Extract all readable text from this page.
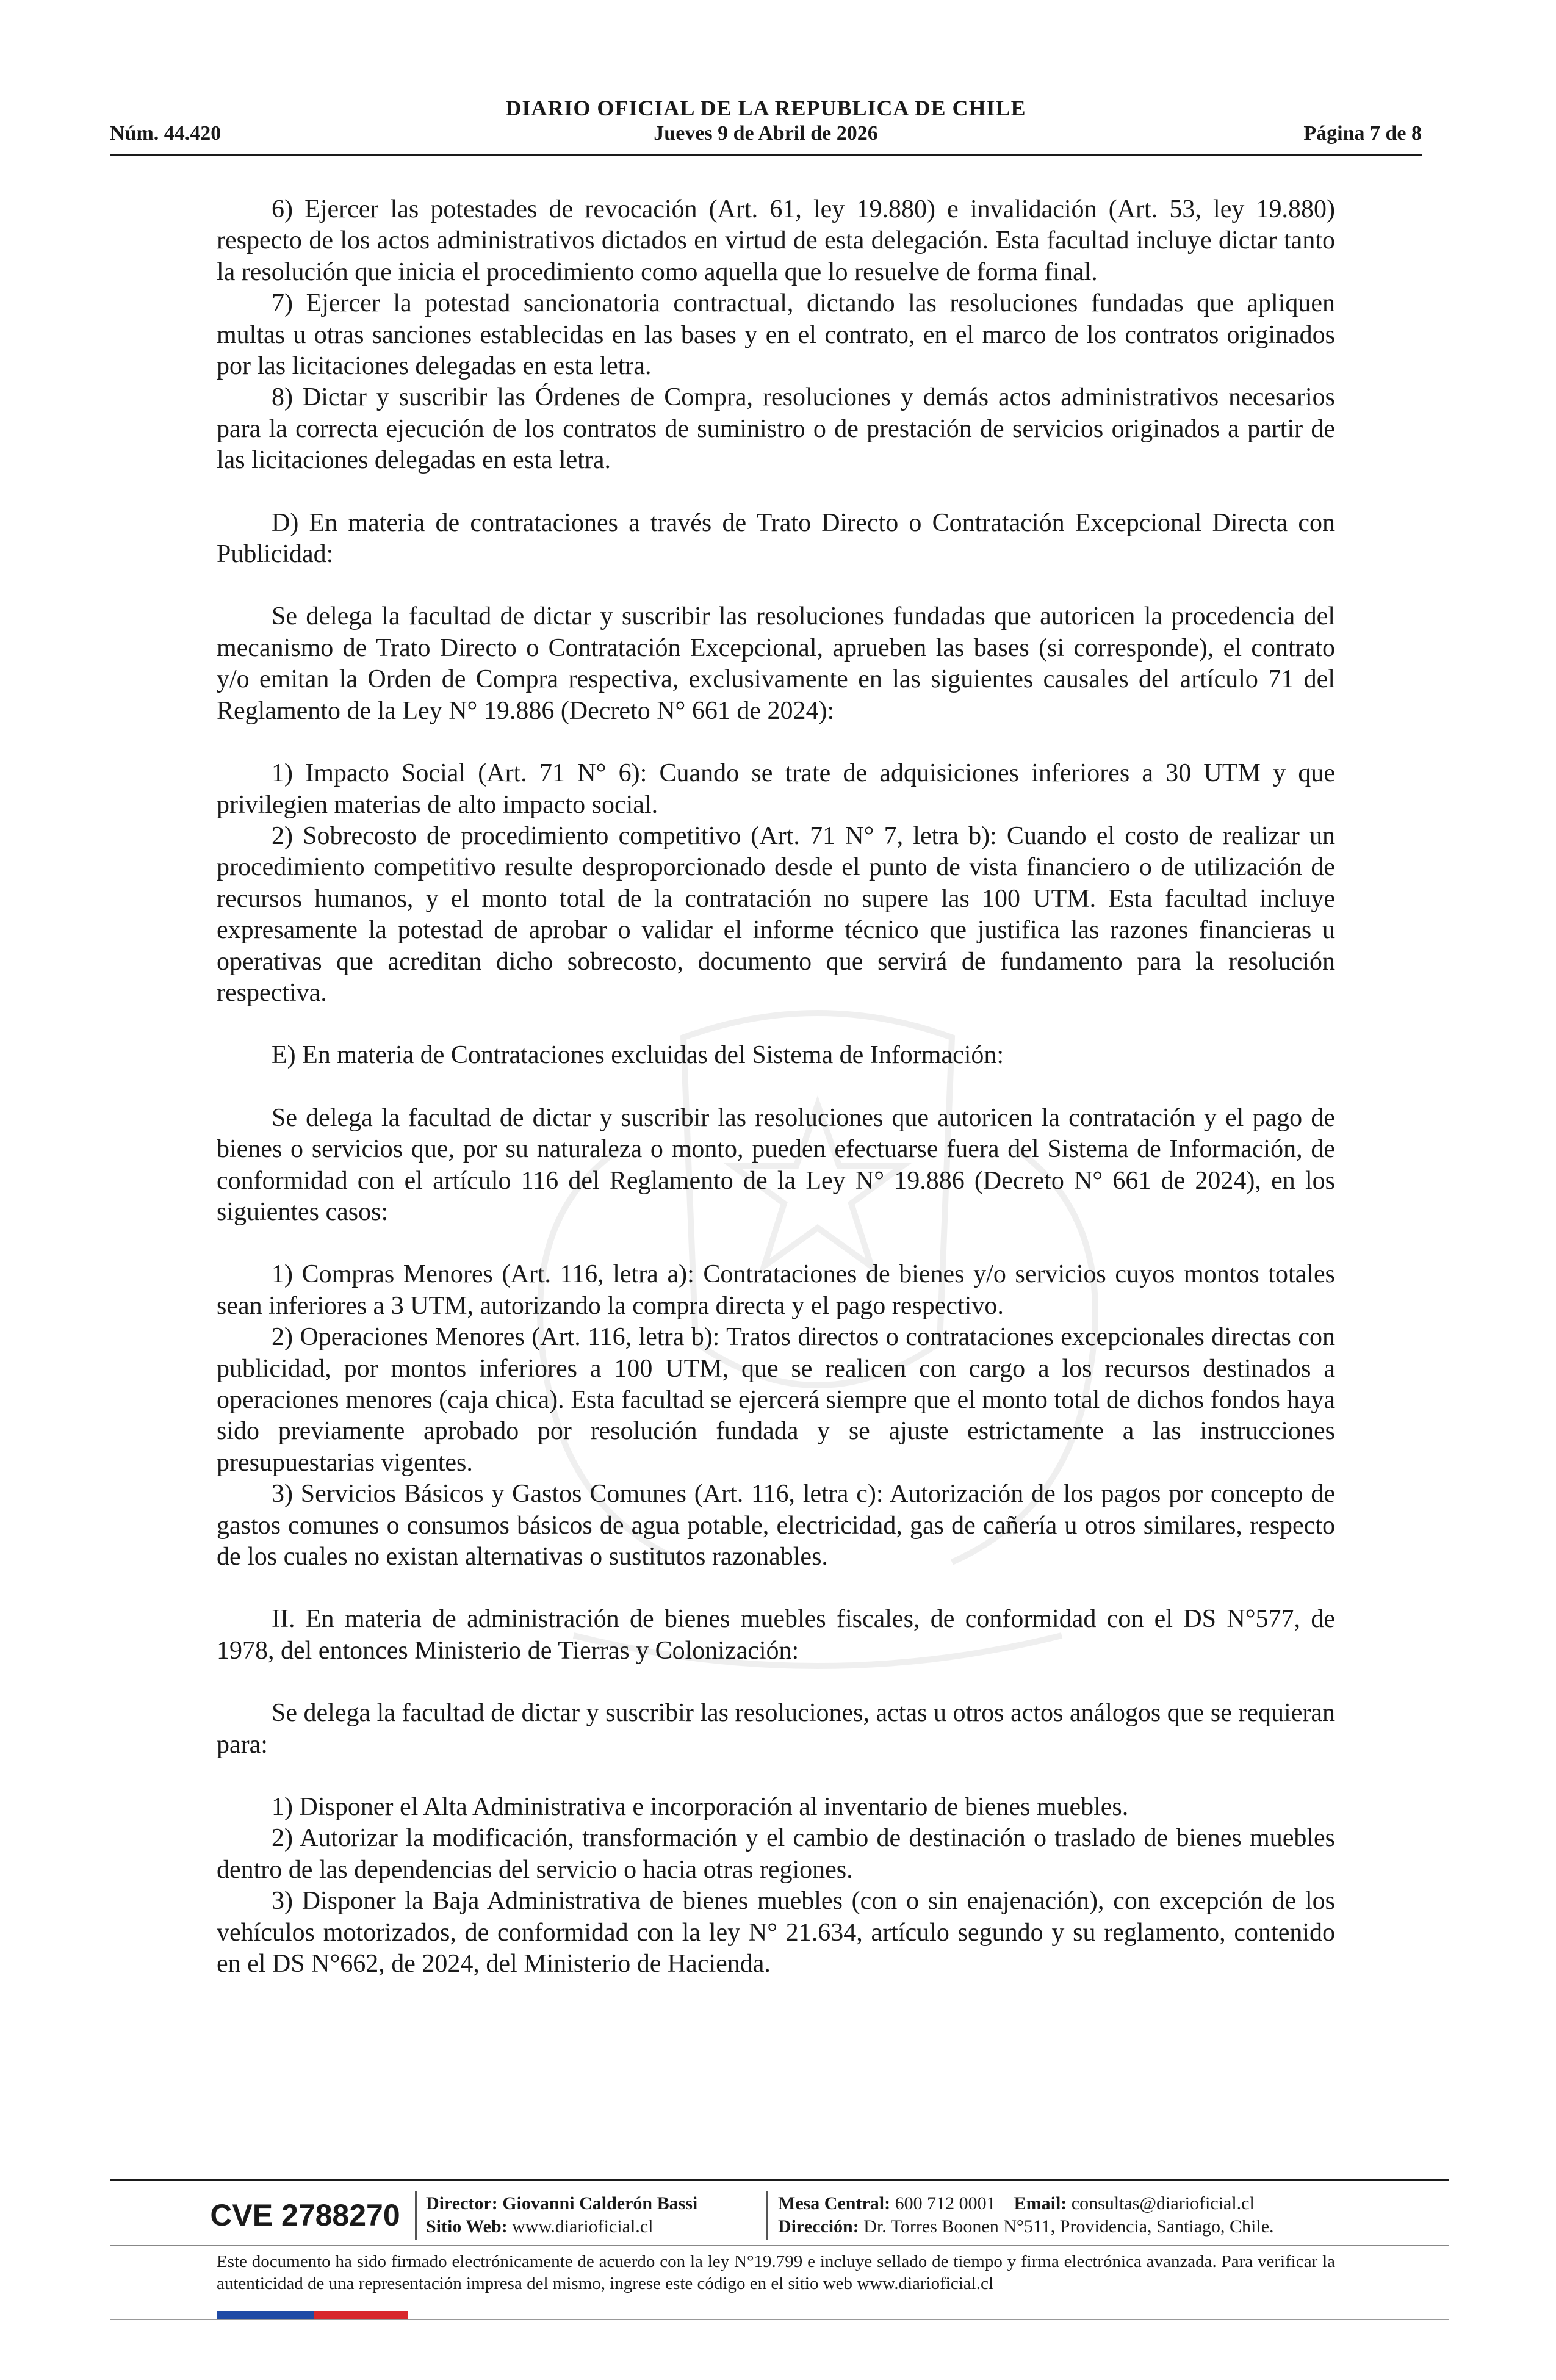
DIARIO OFICIAL DE LA REPUBLICA DE CHILE
Núm. 44.420	Jueves 9 de Abril de 2026	Página 7 de 8

6) Ejercer las potestades de revocación (Art. 61, ley 19.880) e invalidación (Art. 53, ley 19.880) respecto de los actos administrativos dictados en virtud de esta delegación. Esta facultad incluye dictar tanto la resolución que inicia el procedimiento como aquella que lo resuelve de forma final.

7) Ejercer la potestad sancionatoria contractual, dictando las resoluciones fundadas que apliquen multas u otras sanciones establecidas en las bases y en el contrato, en el marco de los contratos originados por las licitaciones delegadas en esta letra.

8) Dictar y suscribir las Órdenes de Compra, resoluciones y demás actos administrativos necesarios para la correcta ejecución de los contratos de suministro o de prestación de servicios originados a partir de las licitaciones delegadas en esta letra.

D) En materia de contrataciones a través de Trato Directo o Contratación Excepcional Directa con Publicidad:

Se delega la facultad de dictar y suscribir las resoluciones fundadas que autoricen la procedencia del mecanismo de Trato Directo o Contratación Excepcional, aprueben las bases (si corresponde), el contrato y/o emitan la Orden de Compra respectiva, exclusivamente en las siguientes causales del artículo 71 del Reglamento de la Ley N° 19.886 (Decreto N° 661 de 2024):

1) Impacto Social (Art. 71 N° 6): Cuando se trate de adquisiciones inferiores a 30 UTM y que privilegien materias de alto impacto social.

2) Sobrecosto de procedimiento competitivo (Art. 71 N° 7, letra b): Cuando el costo de realizar un procedimiento competitivo resulte desproporcionado desde el punto de vista financiero o de utilización de recursos humanos, y el monto total de la contratación no supere las 100 UTM. Esta facultad incluye expresamente la potestad de aprobar o validar el informe técnico que justifica las razones financieras u operativas que acreditan dicho sobrecosto, documento que servirá de fundamento para la resolución respectiva.

E) En materia de Contrataciones excluidas del Sistema de Información:

Se delega la facultad de dictar y suscribir las resoluciones que autoricen la contratación y el pago de bienes o servicios que, por su naturaleza o monto, pueden efectuarse fuera del Sistema de Información, de conformidad con el artículo 116 del Reglamento de la Ley N° 19.886 (Decreto N° 661 de 2024), en los siguientes casos:

1) Compras Menores (Art. 116, letra a): Contrataciones de bienes y/o servicios cuyos montos totales sean inferiores a 3 UTM, autorizando la compra directa y el pago respectivo.

2) Operaciones Menores (Art. 116, letra b): Tratos directos o contrataciones excepcionales directas con publicidad, por montos inferiores a 100 UTM, que se realicen con cargo a los recursos destinados a operaciones menores (caja chica). Esta facultad se ejercerá siempre que el monto total de dichos fondos haya sido previamente aprobado por resolución fundada y se ajuste estrictamente a las instrucciones presupuestarias vigentes.

3) Servicios Básicos y Gastos Comunes (Art. 116, letra c): Autorización de los pagos por concepto de gastos comunes o consumos básicos de agua potable, electricidad, gas de cañería u otros similares, respecto de los cuales no existan alternativas o sustitutos razonables.

II. En materia de administración de bienes muebles fiscales, de conformidad con el DS N°577, de 1978, del entonces Ministerio de Tierras y Colonización:

Se delega la facultad de dictar y suscribir las resoluciones, actas u otros actos análogos que se requieran para:

1) Disponer el Alta Administrativa e incorporación al inventario de bienes muebles.

2) Autorizar la modificación, transformación y el cambio de destinación o traslado de bienes muebles dentro de las dependencias del servicio o hacia otras regiones.

3) Disponer la Baja Administrativa de bienes muebles (con o sin enajenación), con excepción de los vehículos motorizados, de conformidad con la ley N° 21.634, artículo segundo y su reglamento, contenido en el DS N°662, de 2024, del Ministerio de Hacienda.

CVE 2788270 Director: Giovanni Calderón Bassi
Sitio Web: www.diarioficial.cl
Mesa Central: 600 712 0001 Email: consultas@diarioficial.cl
Dirección: Dr. Torres Boonen N°511, Providencia, Santiago, Chile.
Este documento ha sido firmado electrónicamente de acuerdo con la ley N°19.799 e incluye sellado de tiempo y firma electrónica avanzada. Para verificar la autenticidad de una representación impresa del mismo, ingrese este código en el sitio web www.diarioficial.cl
